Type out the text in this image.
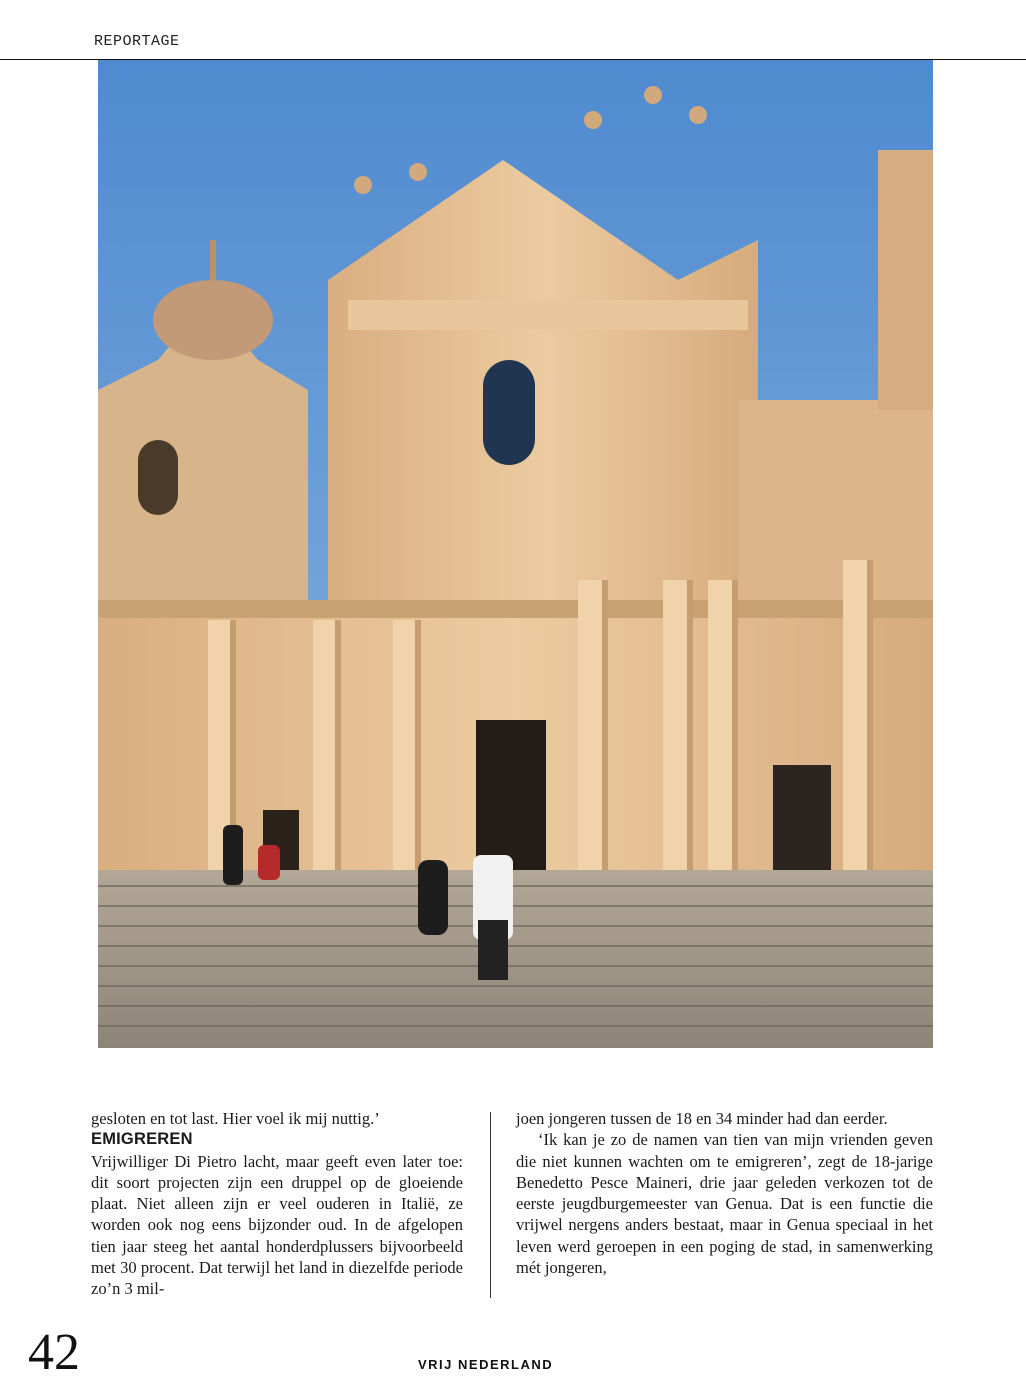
REPORTAGE

gesloten en tot last. Hier voel ik mij nuttig.’

EMIGREREN

Vrijwilliger Di Pietro lacht, maar geeft even later toe: dit soort projecten zijn een druppel op de gloeiende plaat. Niet alleen zijn er veel ouderen in Italië, ze worden ook nog eens bijzonder oud. In de afgelopen tien jaar steeg het aantal honderdplussers bijvoorbeeld met 30 procent. Dat terwijl het land in diezelfde periode zo’n 3 mil-

joen jongeren tussen de 18 en 34 minder had dan eerder.

‘Ik kan je zo de namen van tien van mijn vrienden geven die niet kunnen wachten om te emigreren’, zegt de 18-jarige Benedetto Pesce Maineri, drie jaar geleden verkozen tot de eerste jeugdburgemeester van Genua. Dat is een functie die vrijwel nergens anders bestaat, maar in Genua speciaal in het leven werd geroepen in een poging de stad, in samenwerking mét jongeren,

42	VRIJ NEDERLAND
